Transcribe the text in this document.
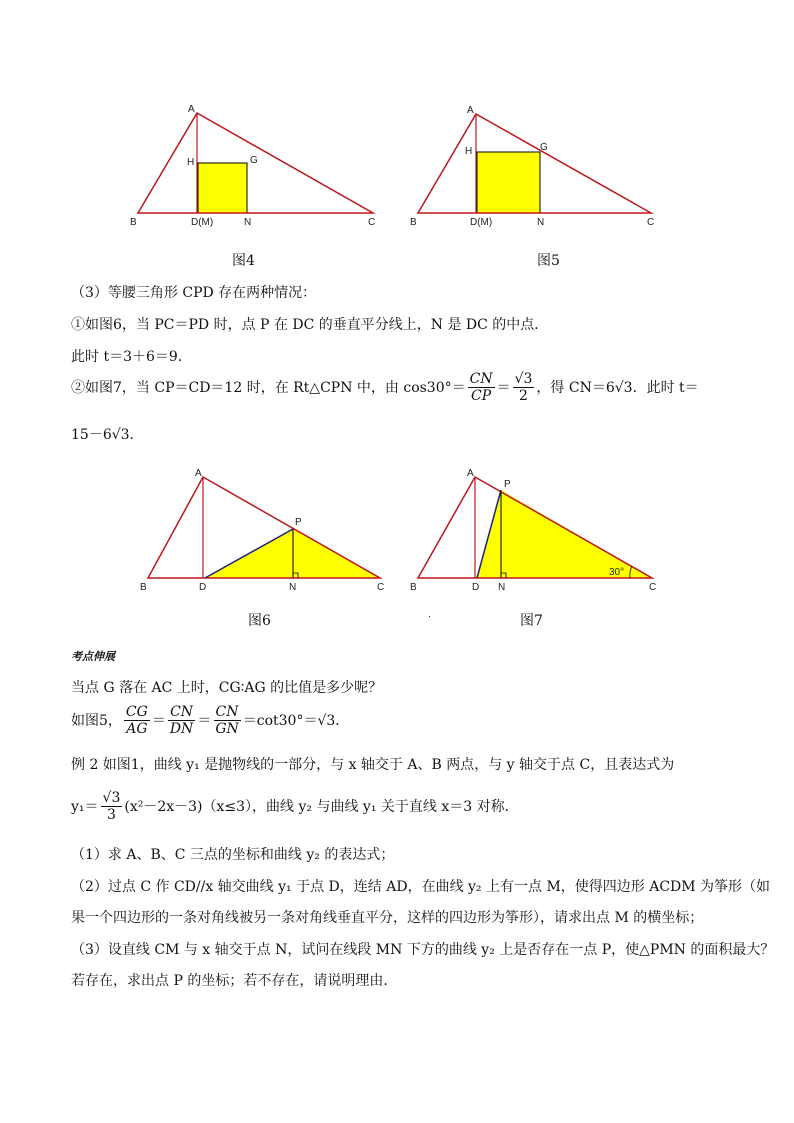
A
H	G
B	D(M)	N	C
图4
A
H	G
B	D(M)	N	C
图5
（3）等腰三角形 CPD 存在两种情况：
①如图6，当 PC＝PD 时，点 P 在 DC 的垂直平分线上，N 是 DC 的中点．
此时 t＝3＋6＝9．
②如图7，当 CP＝CD＝12 时，在 Rt△CPN 中，由 $\cos 30^\circ= \frac{CN}{CP} = \frac{√3}{2}$ ，得 CN＝6√3．此时 t＝
15－6√3．
A
P
B	D	N	C
图6	.
A
P
B	D N	C
30°
图7
考点伸展
当点 G 落在 AC 上时，CG∶AG 的比值是多少呢？
如图5， $\frac{CG}{AG} = \frac{CN}{DN} = \frac{CN}{GN} =\cot 30^\circ=√3$．
例 2 如图1，曲线 y₁ 是抛物线的一部分，与 x 轴交于 A、B 两点，与 y 轴交于点 C，且表达式为
$y_1= \frac{√3}{3} (x^2-2x-3)(x\le 3)$，曲线 y₂ 与曲线 y₁ 关于直线 x＝3 对称．
（1）求 A、B、C 三点的坐标和曲线 y₂ 的表达式；
（2）过点 C 作 CD//x 轴交曲线 y₁ 于点 D，连结 AD，在曲线 y₂ 上有一点 M，使得四边形 ACDM 为筝形（如
果一个四边形的一条对角线被另一条对角线垂直平分，这样的四边形为筝形），请求出点 M 的横坐标；
（3）设直线 CM 与 x 轴交于点 N，试问在线段 MN 下方的曲线 y₂ 上是否存在一点 P，使△PMN 的面积最大？
若存在，求出点 P 的坐标；若不存在，请说明理由．
